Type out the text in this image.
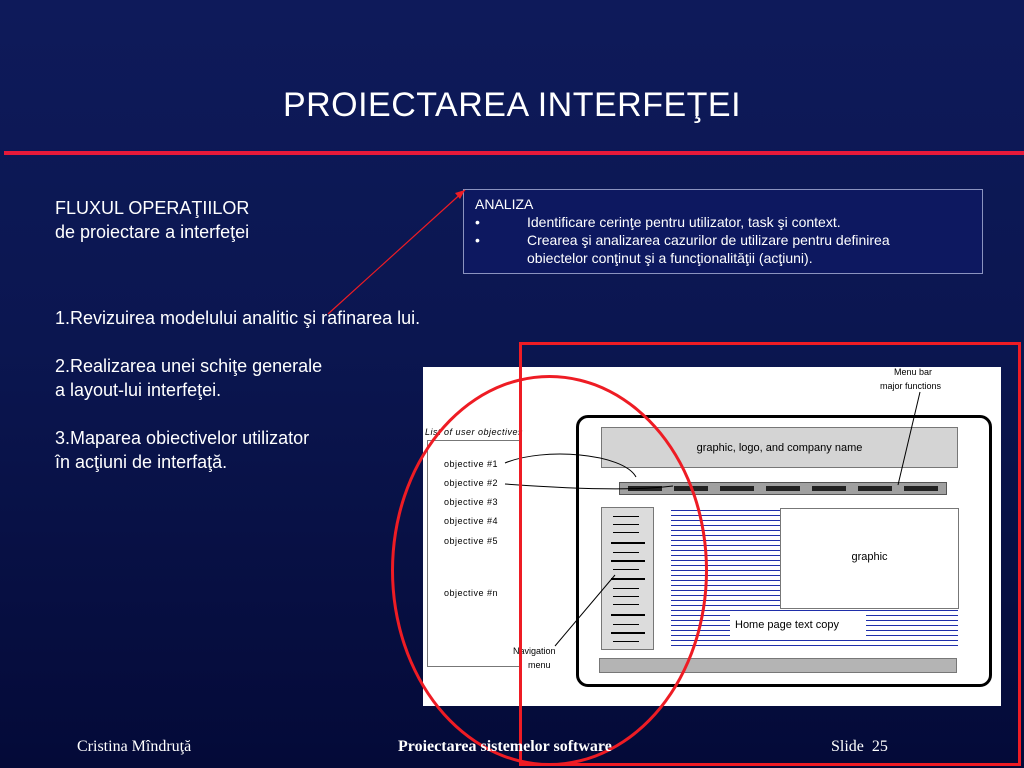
PROIECTAREA INTERFEŢEI
FLUXUL OPERAŢIILOR
de proiectare a interfeţei
1.Revizuirea modelului analitic şi rafinarea lui.
2.Realizarea unei schiţe generale
a layout-lui interfeţei.
3.Maparea obiectivelor utilizator
în acţiuni de interfaţă.
ANALIZA
•	Identificare cerinţe pentru utilizator, task şi context.
•	Crearea şi analizarea cazurilor de utilizare pentru definirea
obiectelor conţinut şi a funcţionalităţii (acţiuni).
Menu bar
major functions
List of user objectives
objective #1
objective #2
objective #3
objective #4
objective #5
objective #n
graphic, logo, and company name
graphic
Home page text copy
Navigation
menu
Cristina Mîndruţă	Proiectarea sistemelor software	Slide 25
